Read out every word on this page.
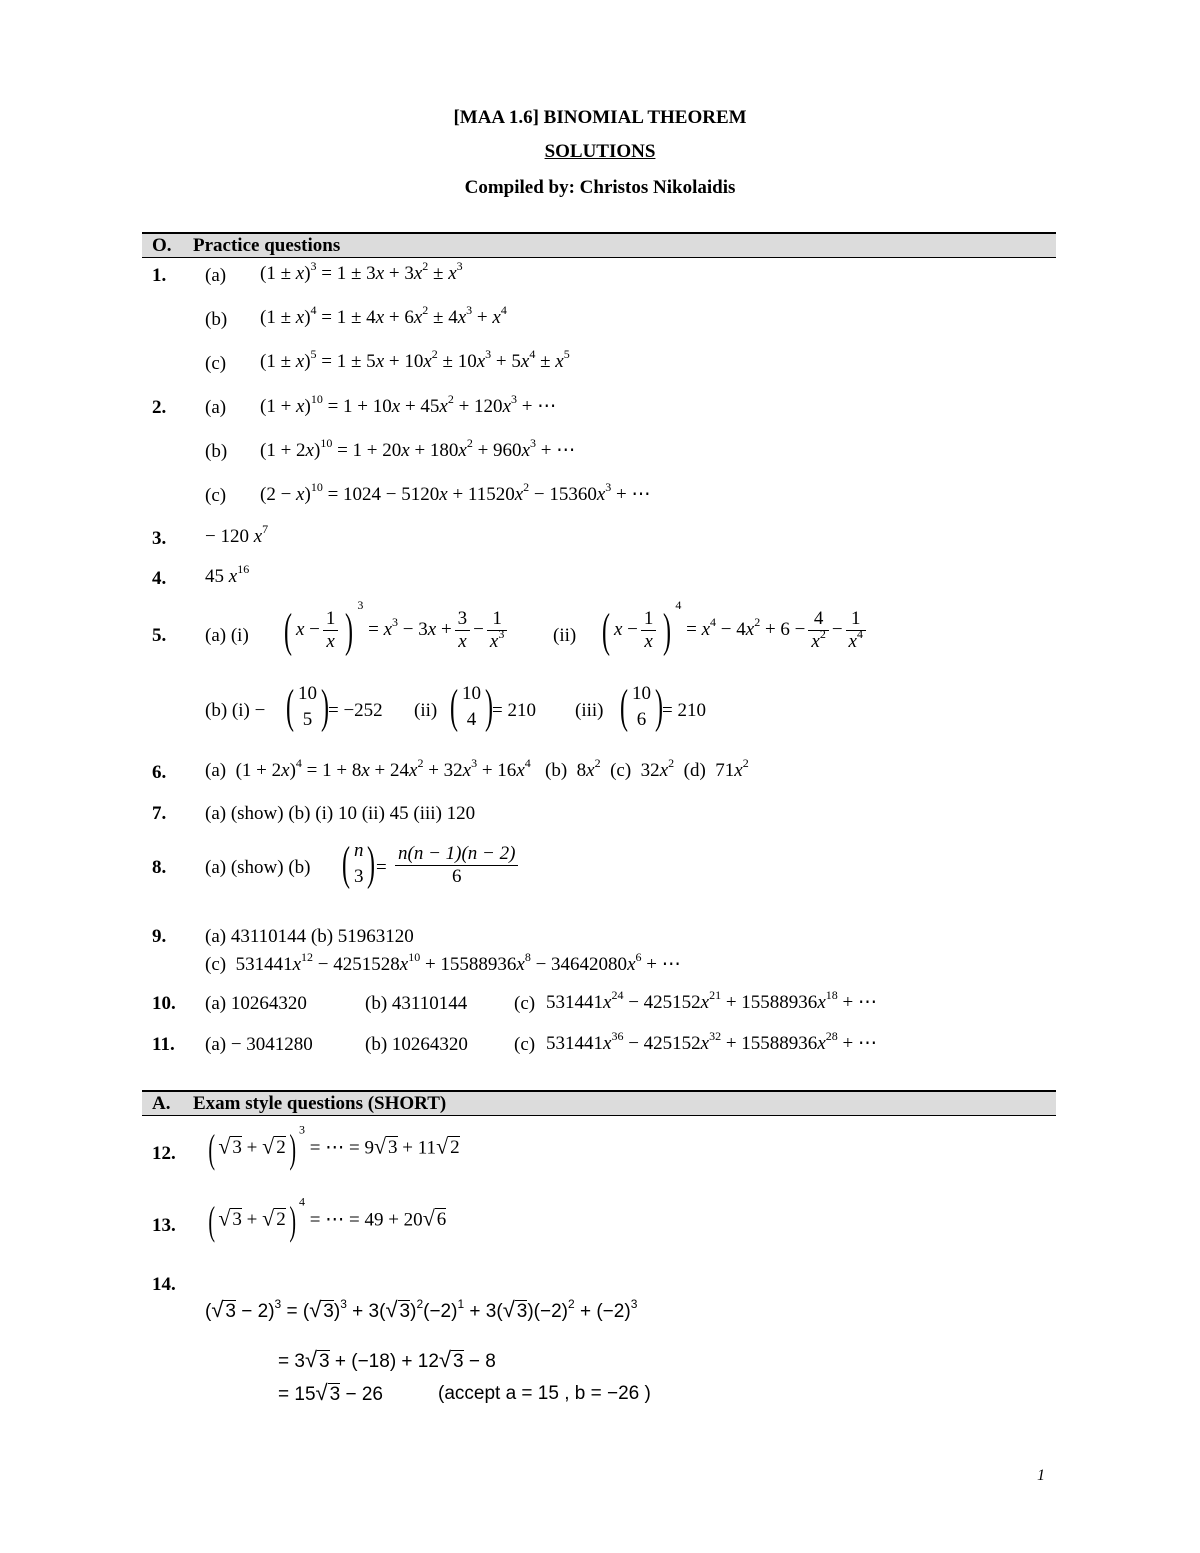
[MAA 1.6] BINOMIAL THEOREM
SOLUTIONS
Compiled by: Christos Nikolaidis
O. Practice questions
1. (a) $(1 \pm x)^3 = 1 \pm 3x + 3x^2 \pm x^3$
(b) $(1 \pm x)^4 = 1 \pm 4x + 6x^2 \pm 4x^3 + x^4$
(c) $(1 \pm x)^5 = 1 \pm 5x + 10x^2 \pm 10x^3 + 5x^4 \pm x^5$
2. (a) $(1 + x)^{10} = 1 + 10x + 45x^2 + 120x^3$ + ⋯
(b) $(1 + 2x)^{10} = 1 + 20x + 180x^2 + 960x^3$ + ⋯
(c) $(2 - x)^{10} = 1024 - 5120x + 11520x^2 - 15360x^3$ + ⋯
3. − 120 $x^7$
4. 45 $x^{16}$
5. (a) (i) ( $x - \frac{1}{x}$ ) $^3 = x^3 - 3x + \frac{3}{x} - \frac{1}{x^3} (ii)$ ( $x - \frac{1}{x}$ ) $^4 = x^4 - 4x^2 + 6 - \frac{4}{x^2} - \frac{1}{x^4}$
(b) (i) − ( 10
5 ) = −252 (ii) ( 10
4 ) = 210 (iii) ( 10
6 ) = 210
6. (a)  $(1 + 2x)^4 = 1 + 8x + 24x^2 + 32x^3 + 16x^4$   (b)  $8x^2$  (c)  $32x^2$  (d)  $71x^2$
7. (a) (show) (b) (i) 10 (ii) 45 (iii) 120
8. (a) (show) (b) ( n
$3) = \frac{n(n - 1)(n - 2)}{6}$
9. (a) 43110144 (b) 51963120
(c)  $531441x^{12} - 4251528x^{10} + 15588936x^8 - 34642080x^6$ + ⋯
10. (a) 10264320	(b) 43110144 (c) $531441x^{24} - 425152x^{21} + 15588936x^{18}$ + ⋯
11. (a) − 3041280	(b) 10264320 (c) $531441x^{36} - 425152x^{32} + 15588936x^{28}$ + ⋯
A. Exam style questions (SHORT)
12. ( √ 3 + √ 2) $^3$ = ⋯ = 9√ 3 + 11√ 2
13. ( √ 3 + √ 2) $^4$ = ⋯ = 49 + 20√ 6
14.
(√ 3 − 2)$^3$ = (√ 3)$^3$ + 3(√ $3)^2(-2)^1 + 3(√$ $3)(-2)^2 + (-2)^3$
= 3√ 3 + (−18) + 12√ 3 − 8
= 15√ 3 − 26	(accept a = 15 , b = −26 )
1
